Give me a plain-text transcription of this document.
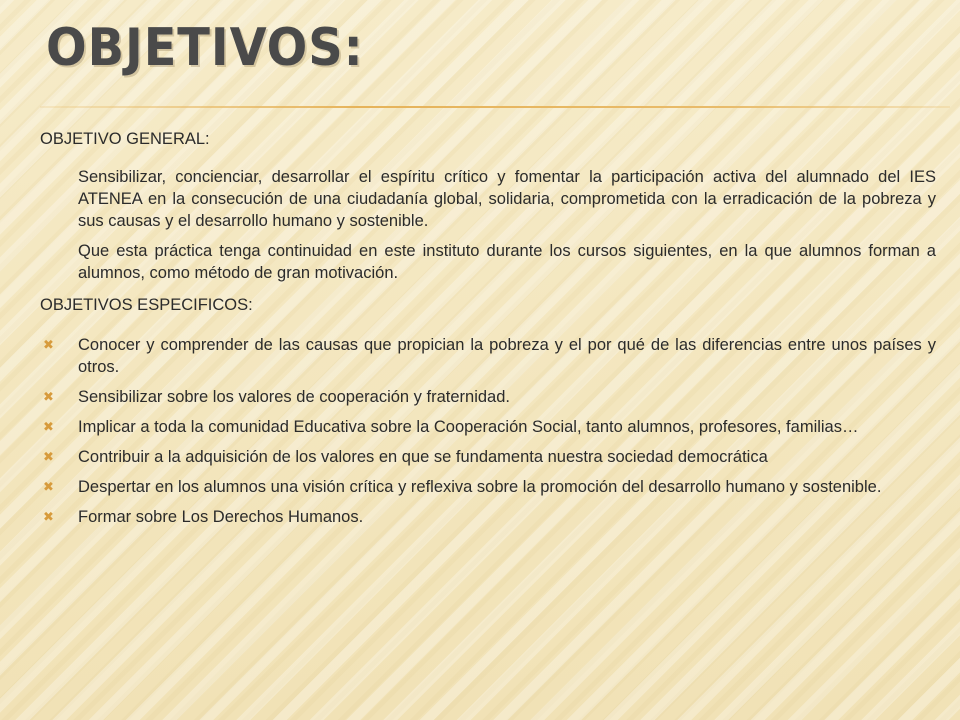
OBJETIVOS:

OBJETIVO GENERAL:

Sensibilizar, concienciar, desarrollar el espíritu crítico y fomentar la participación activa del alumnado del IES ATENEA en la consecución de una ciudadanía global, solidaria, comprometida con la erradicación de la pobreza y sus causas y el desarrollo humano y sostenible.

Que esta práctica tenga continuidad en este instituto durante los cursos siguientes, en la que alumnos forman a alumnos, como método de gran motivación.

OBJETIVOS ESPECIFICOS:

✖ Conocer y comprender de las causas que propician la pobreza y el por qué de las diferencias entre unos países y otros.
✖ Sensibilizar sobre los valores de cooperación y fraternidad.
✖ Implicar a toda la comunidad Educativa sobre la Cooperación Social, tanto alumnos, profesores, familias…
✖ Contribuir a la adquisición de los valores en que se fundamenta nuestra sociedad democrática
✖ Despertar en los alumnos una visión crítica y reflexiva sobre la promoción del desarrollo humano y sostenible.
✖ Formar sobre Los Derechos Humanos.
